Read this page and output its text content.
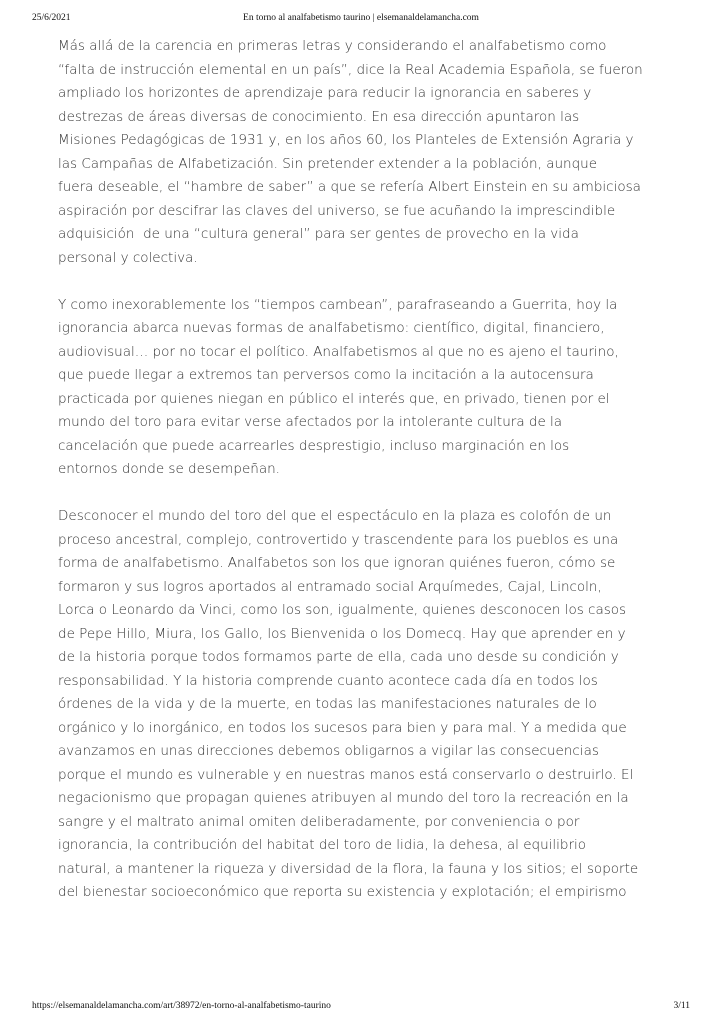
25/6/2021	En torno al analfabetismo taurino | elsemanaldelamancha.com

Más allá de la carencia en primeras letras y considerando el analfabetismo como
“falta de instrucción elemental en un país”, dice la Real Academia Española, se fueron
ampliado los horizontes de aprendizaje para reducir la ignorancia en saberes y
destrezas de áreas diversas de conocimiento. En esa dirección apuntaron las
Misiones Pedagógicas de 1931 y, en los años 60, los Planteles de Extensión Agraria y
las Campañas de Alfabetización. Sin pretender extender a la población, aunque
fuera deseable, el “hambre de saber” a que se refería Albert Einstein en su ambiciosa
aspiración por descifrar las claves del universo, se fue acuñando la imprescindible
adquisición  de una “cultura general” para ser gentes de provecho en la vida
personal y colectiva.

Y como inexorablemente los “tiempos cambean”, parafraseando a Guerrita, hoy la
ignorancia abarca nuevas formas de analfabetismo: científico, digital, financiero,
audiovisual… por no tocar el político. Analfabetismos al que no es ajeno el taurino,
que puede llegar a extremos tan perversos como la incitación a la autocensura
practicada por quienes niegan en público el interés que, en privado, tienen por el
mundo del toro para evitar verse afectados por la intolerante cultura de la
cancelación que puede acarrearles desprestigio, incluso marginación en los
entornos donde se desempeñan.

Desconocer el mundo del toro del que el espectáculo en la plaza es colofón de un
proceso ancestral, complejo, controvertido y trascendente para los pueblos es una
forma de analfabetismo. Analfabetos son los que ignoran quiénes fueron, cómo se
formaron y sus logros aportados al entramado social Arquímedes, Cajal, Lincoln,
Lorca o Leonardo da Vinci, como los son, igualmente, quienes desconocen los casos
de Pepe Hillo, Miura, los Gallo, los Bienvenida o los Domecq. Hay que aprender en y
de la historia porque todos formamos parte de ella, cada uno desde su condición y
responsabilidad. Y la historia comprende cuanto acontece cada día en todos los
órdenes de la vida y de la muerte, en todas las manifestaciones naturales de lo
orgánico y lo inorgánico, en todos los sucesos para bien y para mal. Y a medida que
avanzamos en unas direcciones debemos obligarnos a vigilar las consecuencias
porque el mundo es vulnerable y en nuestras manos está conservarlo o destruirlo. El
negacionismo que propagan quienes atribuyen al mundo del toro la recreación en la
sangre y el maltrato animal omiten deliberadamente, por conveniencia o por
ignorancia, la contribución del habitat del toro de lidia, la dehesa, al equilibrio
natural, a mantener la riqueza y diversidad de la flora, la fauna y los sitios; el soporte
del bienestar socioeconómico que reporta su existencia y explotación; el empirismo

https://elsemanaldelamancha.com/art/38972/en-torno-al-analfabetismo-taurino	3/11
